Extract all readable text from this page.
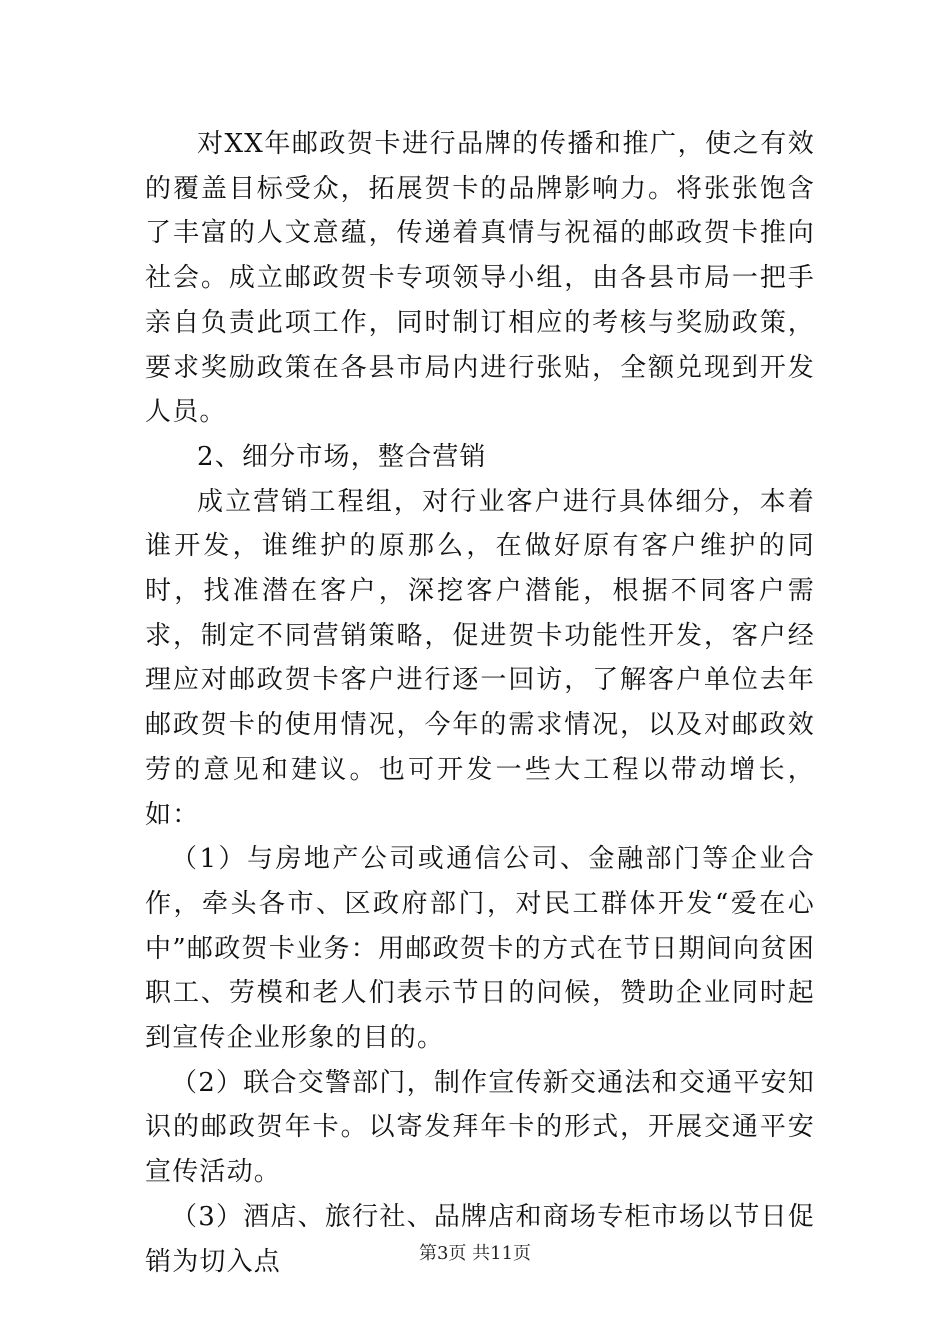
对XX年邮政贺卡进行品牌的传播和推广，使之有效的覆盖目标受众，拓展贺卡的品牌影响力。将张张饱含了丰富的人文意蕴，传递着真情与祝福的邮政贺卡推向社会。成立邮政贺卡专项领导小组，由各县市局一把手亲自负责此项工作，同时制订相应的考核与奖励政策，要求奖励政策在各县市局内进行张贴，全额兑现到开发人员。

2、细分市场，整合营销

成立营销工程组，对行业客户进行具体细分，本着谁开发，谁维护的原那么，在做好原有客户维护的同时，找准潜在客户，深挖客户潜能，根据不同客户需求，制定不同营销策略，促进贺卡功能性开发，客户经理应对邮政贺卡客户进行逐一回访，了解客户单位去年邮政贺卡的使用情况，今年的需求情况，以及对邮政效劳的意见和建议。也可开发一些大工程以带动增长，如：

（1）与房地产公司或通信公司、金融部门等企业合作，牵头各市、区政府部门，对民工群体开发“爱在心中”邮政贺卡业务：用邮政贺卡的方式在节日期间向贫困职工、劳模和老人们表示节日的问候，赞助企业同时起到宣传企业形象的目的。

（2）联合交警部门，制作宣传新交通法和交通平安知识的邮政贺年卡。以寄发拜年卡的形式，开展交通平安宣传活动。

（3）酒店、旅行社、品牌店和商场专柜市场以节日促销为切入点	第3页 共11页
